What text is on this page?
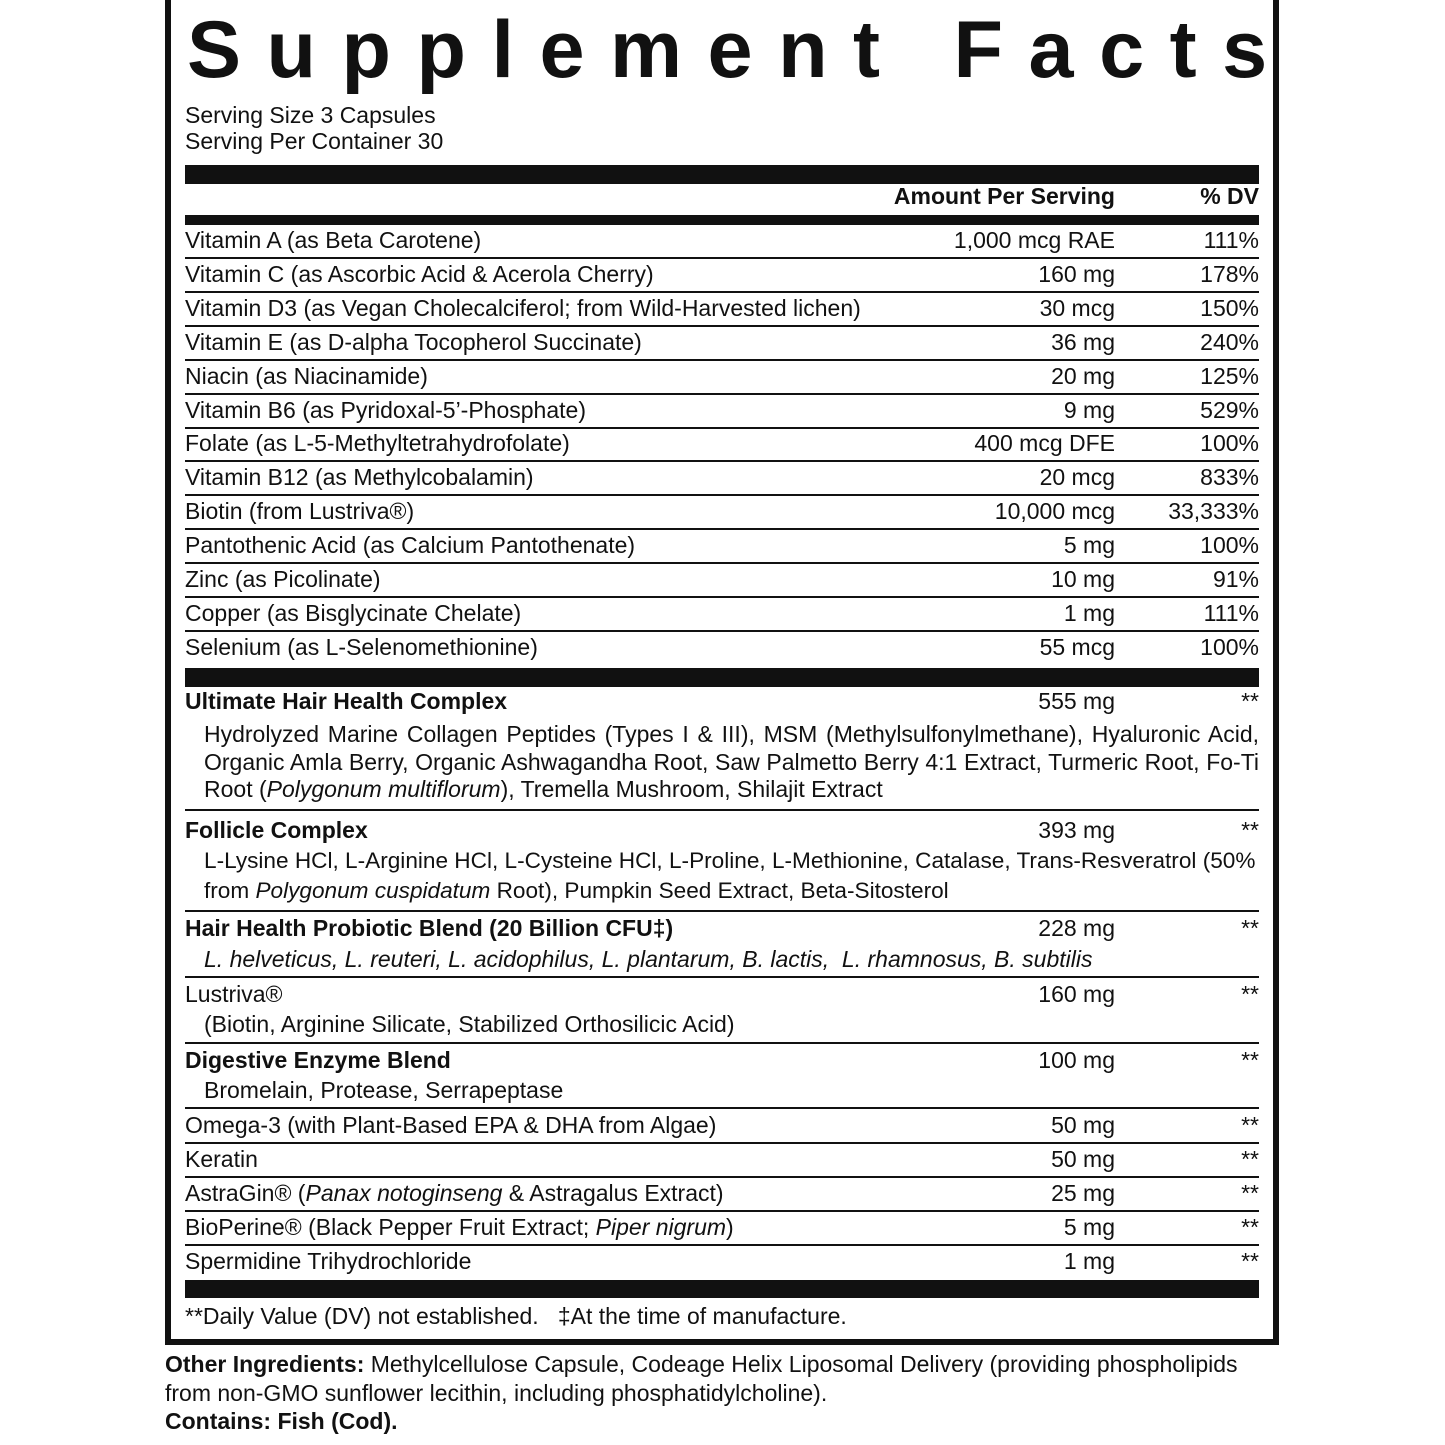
Supplement Facts
Serving Size 3 Capsules
Serving Per Container 30
Amount Per Serving	% DV
Vitamin A (as Beta Carotene)	1,000 mcg RAE	111%
Vitamin C (as Ascorbic Acid & Acerola Cherry)	160 mg	178%
Vitamin D3 (as Vegan Cholecalciferol; from Wild-Harvested lichen)	30 mcg	150%
Vitamin E (as D-alpha Tocopherol Succinate)	36 mg	240%
Niacin (as Niacinamide)	20 mg	125%
Vitamin B6 (as Pyridoxal-5’-Phosphate)	9 mg	529%
Folate (as L-5-Methyltetrahydrofolate)	400 mcg DFE	100%
Vitamin B12 (as Methylcobalamin)	20 mcg	833%
Biotin (from Lustriva®)	10,000 mcg 33,333%
Pantothenic Acid (as Calcium Pantothenate)	5 mg	100%
Zinc (as Picolinate)	10 mg	91%
Copper (as Bisglycinate Chelate)	1 mg	111%
Selenium (as L-Selenomethionine)	55 mcg	100%
Ultimate Hair Health Complex	555 mg	**
Hydrolyzed Marine Collagen Peptides (Types I & III), MSM (Methylsulfonylmethane), Hyaluronic Acid, Organic Amla Berry, Organic Ashwagandha Root, Saw Palmetto Berry 4:1 Extract, Turmeric Root, Fo-Ti Root (Polygonum multiflorum), Tremella Mushroom, Shilajit Extract
Follicle Complex	393 mg	**
L-Lysine HCl, L-Arginine HCl, L-Cysteine HCl, L-Proline, L-Methionine, Catalase, Trans-Resveratrol (50% from Polygonum cuspidatum Root), Pumpkin Seed Extract, Beta-Sitosterol
Hair Health Probiotic Blend (20 Billion CFU‡)	228 mg	**
L. helveticus, L. reuteri, L. acidophilus, L. plantarum, B. lactis,  L. rhamnosus, B. subtilis
Lustriva®	160 mg	**
(Biotin, Arginine Silicate, Stabilized Orthosilicic Acid)
Digestive Enzyme Blend	100 mg	**
Bromelain, Protease, Serrapeptase
Omega-3 (with Plant-Based EPA & DHA from Algae)	50 mg	**
Keratin	50 mg	**
AstraGin® (Panax notoginseng & Astragalus Extract)	25 mg	**
BioPerine® (Black Pepper Fruit Extract; Piper nigrum)	5 mg	**
Spermidine Trihydrochloride	1 mg	**
**Daily Value (DV) not established.   ‡At the time of manufacture.
Other Ingredients: Methylcellulose Capsule, Codeage Helix Liposomal Delivery (providing phospholipids from non-GMO sunflower lecithin, including phosphatidylcholine).
Contains: Fish (Cod).
